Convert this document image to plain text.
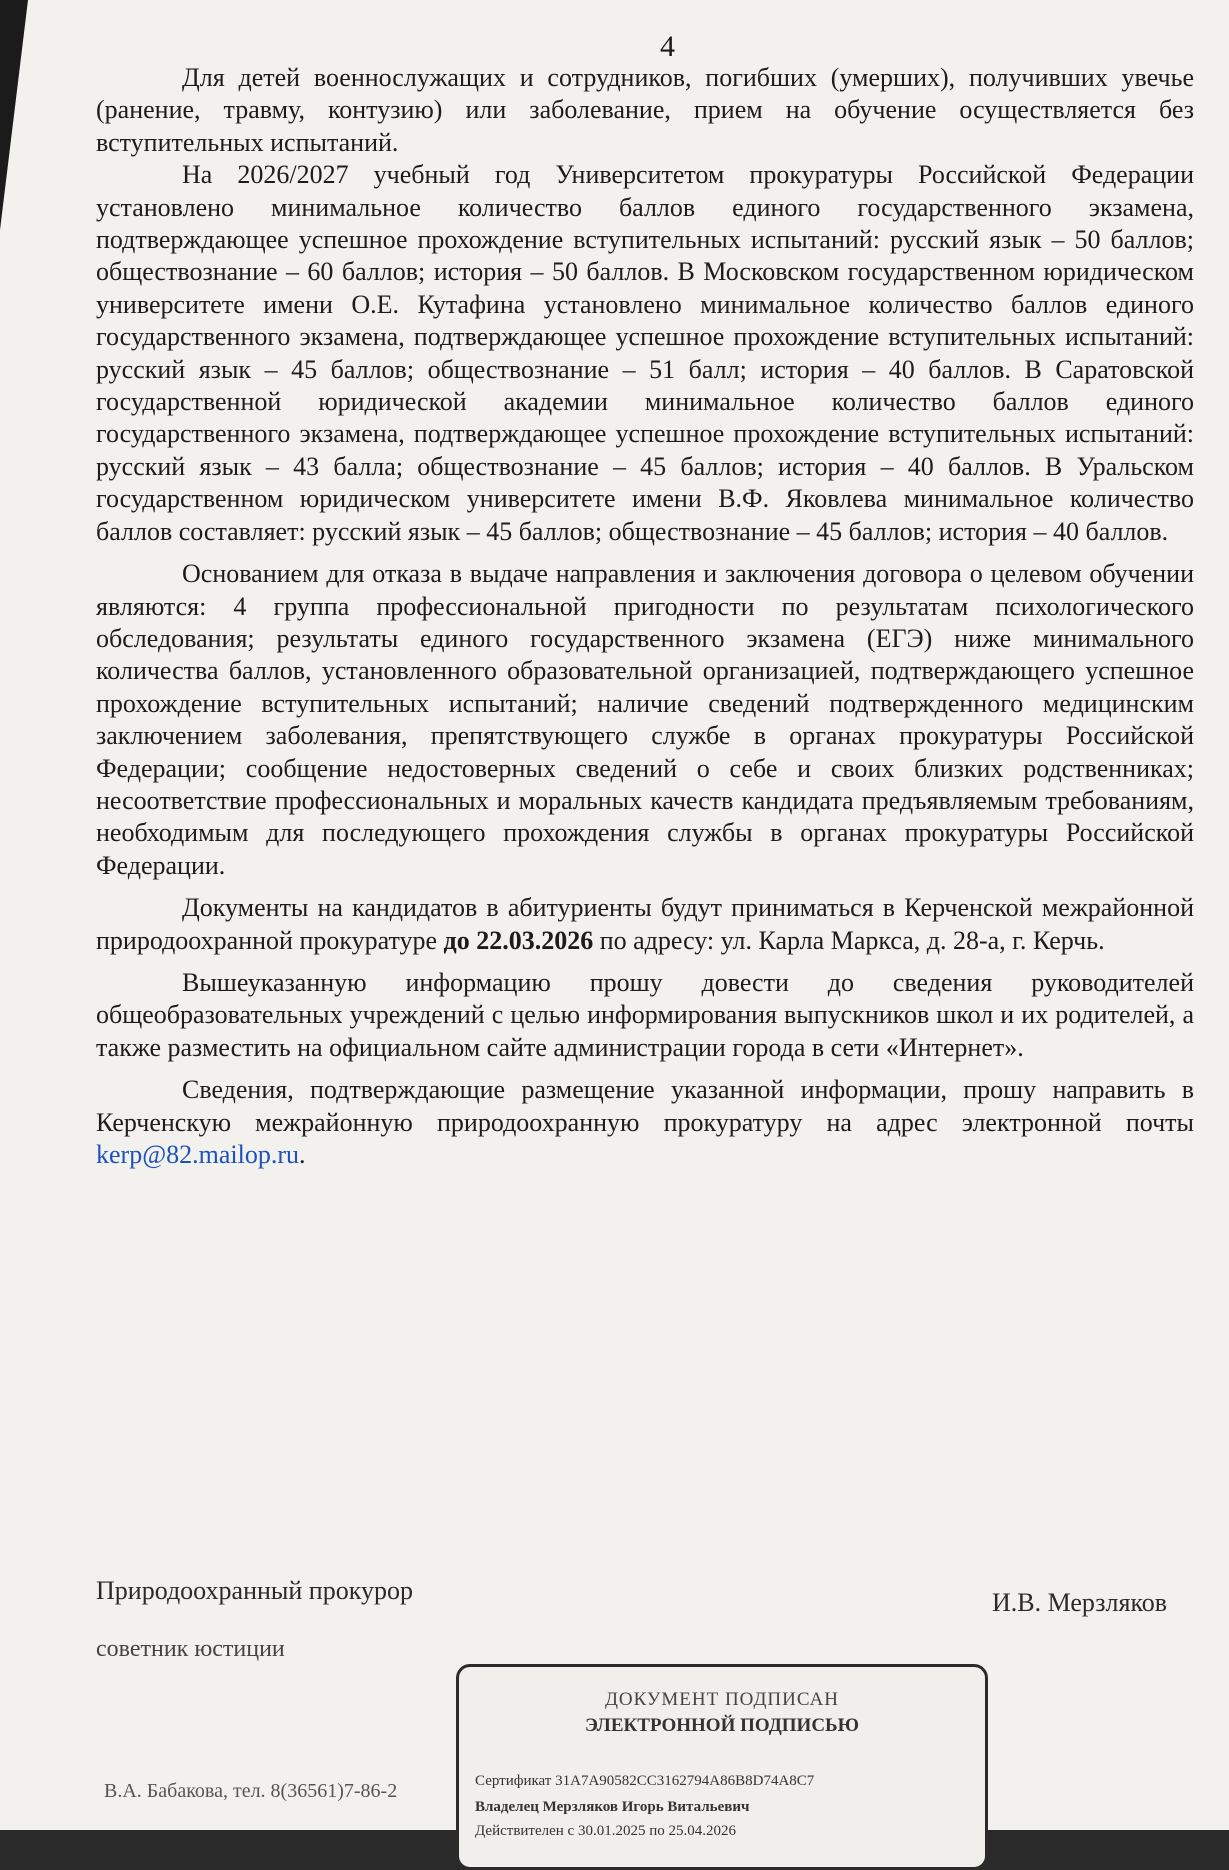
4

Для детей военнослужащих и сотрудников, погибших (умерших), получивших увечье (ранение, травму, контузию) или заболевание, прием на обучение осуществляется без вступительных испытаний.

На 2026/2027 учебный год Университетом прокуратуры Российской Федерации установлено минимальное количество баллов единого государственного экзамена, подтверждающее успешное прохождение вступительных испытаний: русский язык – 50 баллов; обществознание – 60 баллов; история – 50 баллов. В Московском государственном юридическом университете имени О.Е. Кутафина установлено минимальное количество баллов единого государственного экзамена, подтверждающее успешное прохождение вступительных испытаний: русский язык – 45 баллов; обществознание – 51 балл; история – 40 баллов. В Саратовской государственной юридической академии минимальное количество баллов единого государственного экзамена, подтверждающее успешное прохождение вступительных испытаний: русский язык – 43 балла; обществознание – 45 баллов; история – 40 баллов. В Уральском государственном юридическом университете имени В.Ф. Яковлева минимальное количество баллов составляет: русский язык – 45 баллов; обществознание – 45 баллов; история – 40 баллов.

Основанием для отказа в выдаче направления и заключения договора о целевом обучении являются: 4 группа профессиональной пригодности по результатам психологического обследования; результаты единого государственного экзамена (ЕГЭ) ниже минимального количества баллов, установленного образовательной организацией, подтверждающего успешное прохождение вступительных испытаний; наличие сведений подтвержденного медицинским заключением заболевания, препятствующего службе в органах прокуратуры Российской Федерации; сообщение недостоверных сведений о себе и своих близких родственниках; несоответствие профессиональных и моральных качеств кандидата предъявляемым требованиям, необходимым для последующего прохождения службы в органах прокуратуры Российской Федерации.

Документы на кандидатов в абитуриенты будут приниматься в Керченской межрайонной природоохранной прокуратуре до 22.03.2026 по адресу: ул. Карла Маркса, д. 28-а, г. Керчь.

Вышеуказанную информацию прошу довести до сведения руководителей общеобразовательных учреждений с целью информирования выпускников школ и их родителей, а также разместить на официальном сайте администрации города в сети «Интернет».

Сведения, подтверждающие размещение указанной информации, прошу направить в Керченскую межрайонную природоохранную прокуратуру на адрес электронной почты kerp@82.mailop.ru.

Природоохранный прокурор
советник юстиции
И.В. Мерзляков
В.А. Бабакова, тел. 8(36561)7-86-2
ДОКУМЕНТ ПОДПИСАН
ЭЛЕКТРОННОЙ ПОДПИСЬЮ
Сертификат 31A7A90582CC3162794A86B8D74A8C7
Владелец Мерзляков Игорь Витальевич
Действителен с 30.01.2025 по 25.04.2026
